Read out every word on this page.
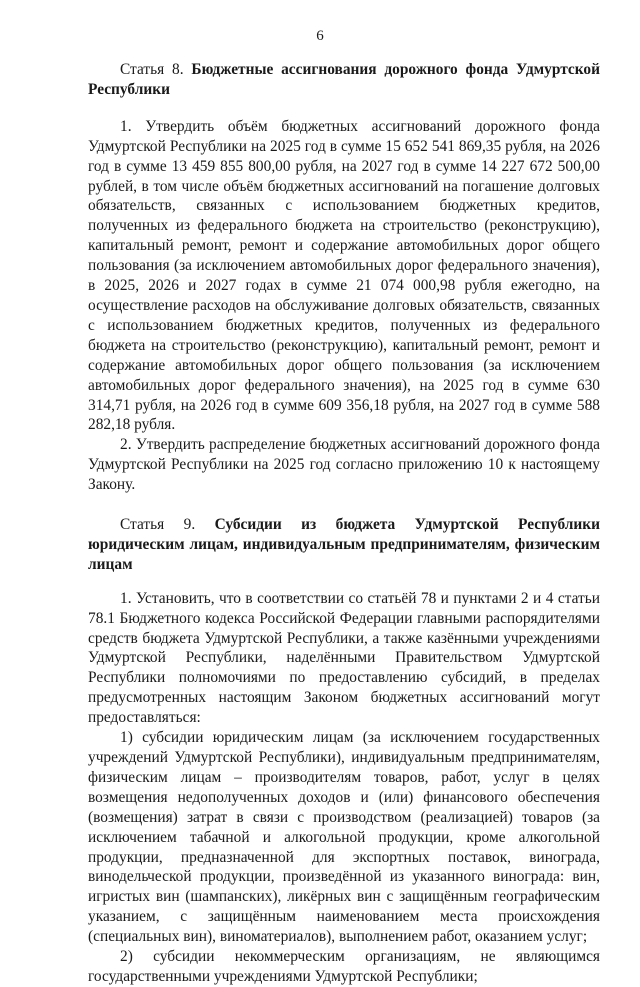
6

Статья 8. Бюджетные ассигнования дорожного фонда Удмуртской Республики

1. Утвердить объём бюджетных ассигнований дорожного фонда Удмуртской Республики на 2025 год в сумме 15 652 541 869,35 рубля, на 2026 год в сумме 13 459 855 800,00 рубля, на 2027 год в сумме 14 227 672 500,00 рублей, в том числе объём бюджетных ассигнований на погашение долговых обязательств, связанных с использованием бюджетных кредитов, полученных из федерального бюджета на строительство (реконструкцию), капитальный ремонт, ремонт и содержание автомобильных дорог общего пользования (за исключением автомобильных дорог федерального значения), в 2025, 2026 и 2027 годах в сумме 21 074 000,98 рубля ежегодно, на осуществление расходов на обслуживание долговых обязательств, связанных с использованием бюджетных кредитов, полученных из федерального бюджета на строительство (реконструкцию), капитальный ремонт, ремонт и содержание автомобильных дорог общего пользования (за исключением автомобильных дорог федерального значения), на 2025 год в сумме 630 314,71 рубля, на 2026 год в сумме 609 356,18 рубля, на 2027 год в сумме 588 282,18 рубля.

2. Утвердить распределение бюджетных ассигнований дорожного фонда Удмуртской Республики на 2025 год согласно приложению 10 к настоящему Закону.

Статья 9. Субсидии из бюджета Удмуртской Республики юридическим лицам, индивидуальным предпринимателям, физическим лицам

1. Установить, что в соответствии со статьёй 78 и пунктами 2 и 4 статьи 78.1 Бюджетного кодекса Российской Федерации главными распорядителями средств бюджета Удмуртской Республики, а также казёнными учреждениями Удмуртской Республики, наделёнными Правительством Удмуртской Республики полномочиями по предоставлению субсидий, в пределах предусмотренных настоящим Законом бюджетных ассигнований могут предоставляться:

1) субсидии юридическим лицам (за исключением государственных учреждений Удмуртской Республики), индивидуальным предпринимателям, физическим лицам – производителям товаров, работ, услуг в целях возмещения недополученных доходов и (или) финансового обеспечения (возмещения) затрат в связи с производством (реализацией) товаров (за исключением табачной и алкогольной продукции, кроме алкогольной продукции, предназначенной для экспортных поставок, винограда, винодельческой продукции, произведённой из указанного винограда: вин, игристых вин (шампанских), ликёрных вин с защищённым географическим указанием, с защищённым наименованием места происхождения (специальных вин), виноматериалов), выполнением работ, оказанием услуг;

2) субсидии некоммерческим организациям, не являющимся государственными учреждениями Удмуртской Республики;
